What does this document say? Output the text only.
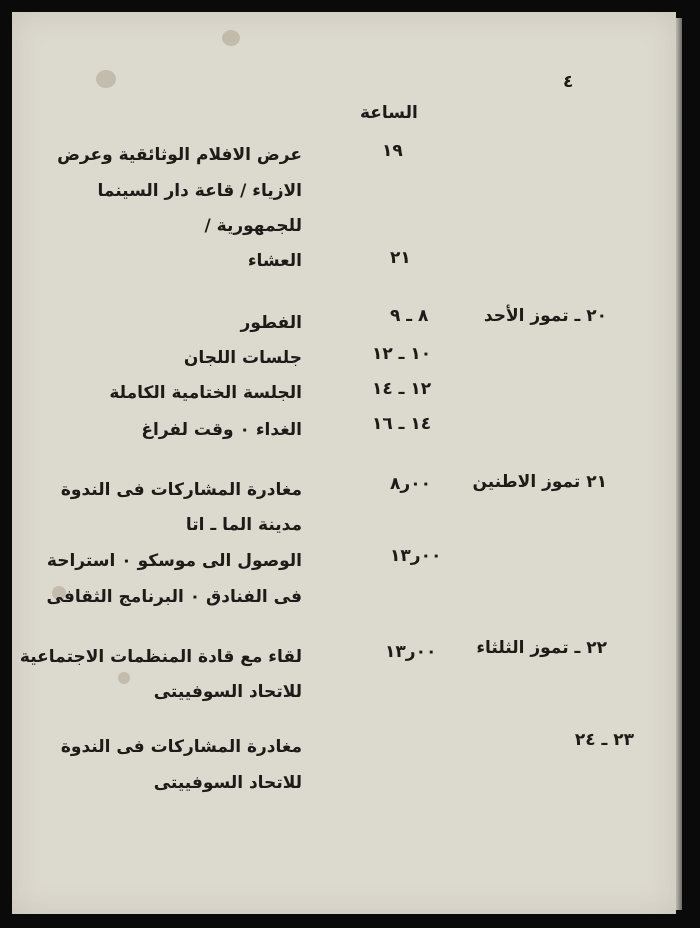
٤
الساعة
١٩
عرض الافلام الوثائقية وعرض
الازياء / قاعة دار السينما
للجمهورية /
٢١
العشاء
٢٠ ـ تموز الأحد
٨ ـ ٩
الفطور
١٠ ـ ١٢
جلسات اللجان
١٢ ـ ١٤
الجلسة الختامية الكاملة
١٤ ـ ١٦
الغداء ٠ وقت لفراغ
٢١ تموز الاطنين
٠٠ر٨
مغادرة المشاركات فى الندوة
مدينة الما ـ اتا
٠٠ر١٣
الوصول الى موسكو ٠ استراحة
فى الفنادق ٠ البرنامج الثقافى
٢٢ ـ تموز الثلثاء
٠٠ر١٣
لقاء مع قادة المنظمات الاجتماعية
للاتحاد السوفييتى
٢٣ ـ ٢٤
مغادرة المشاركات فى الندوة
للاتحاد السوفييتى
